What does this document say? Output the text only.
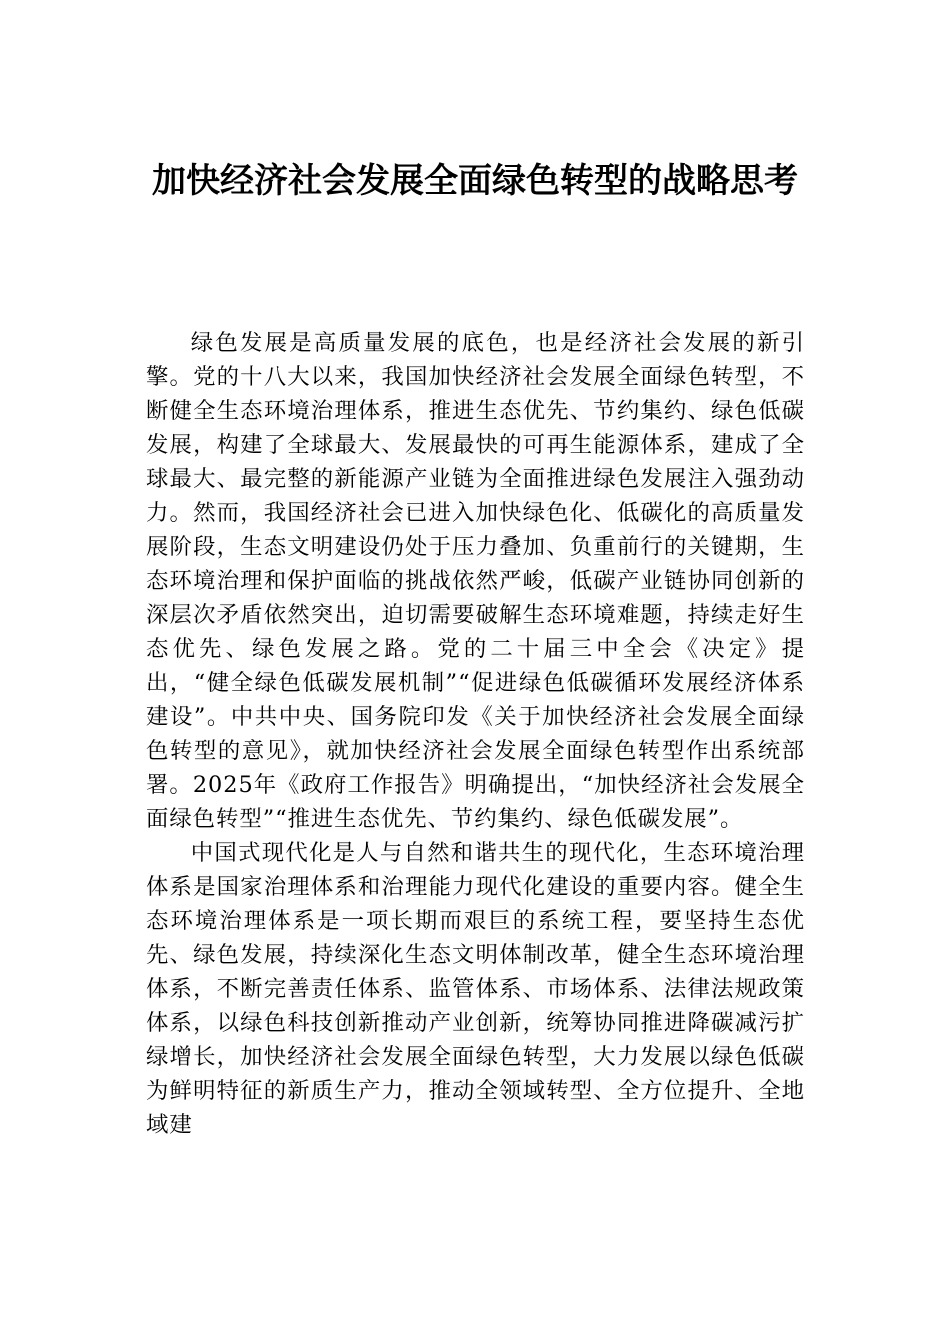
加快经济社会发展全面绿色转型的战略思考

绿色发展是高质量发展的底色，也是经济社会发展的新引擎。党的十八大以来，我国加快经济社会发展全面绿色转型，不断健全生态环境治理体系，推进生态优先、节约集约、绿色低碳发展，构建了全球最大、发展最快的可再生能源体系，建成了全球最大、最完整的新能源产业链为全面推进绿色发展注入强劲动力。然而，我国经济社会已进入加快绿色化、低碳化的高质量发展阶段，生态文明建设仍处于压力叠加、负重前行的关键期，生态环境治理和保护面临的挑战依然严峻，低碳产业链协同创新的深层次矛盾依然突出，迫切需要破解生态环境难题，持续走好生态优先、绿色发展之路。党的二十届三中全会《决定》提出，“健全绿色低碳发展机制”“促进绿色低碳循环发展经济体系建设”。中共中央、国务院印发《关于加快经济社会发展全面绿色转型的意见》，就加快经济社会发展全面绿色转型作出系统部署。2025年《政府工作报告》明确提出，“加快经济社会发展全面绿色转型”“推进生态优先、节约集约、绿色低碳发展”。

中国式现代化是人与自然和谐共生的现代化，生态环境治理体系是国家治理体系和治理能力现代化建设的重要内容。健全生态环境治理体系是一项长期而艰巨的系统工程，要坚持生态优先、绿色发展，持续深化生态文明体制改革，健全生态环境治理体系，不断完善责任体系、监管体系、市场体系、法律法规政策体系，以绿色科技创新推动产业创新，统筹协同推进降碳减污扩绿增长，加快经济社会发展全面绿色转型，大力发展以绿色低碳为鲜明特征的新质生产力，推动全领域转型、全方位提升、全地域建
